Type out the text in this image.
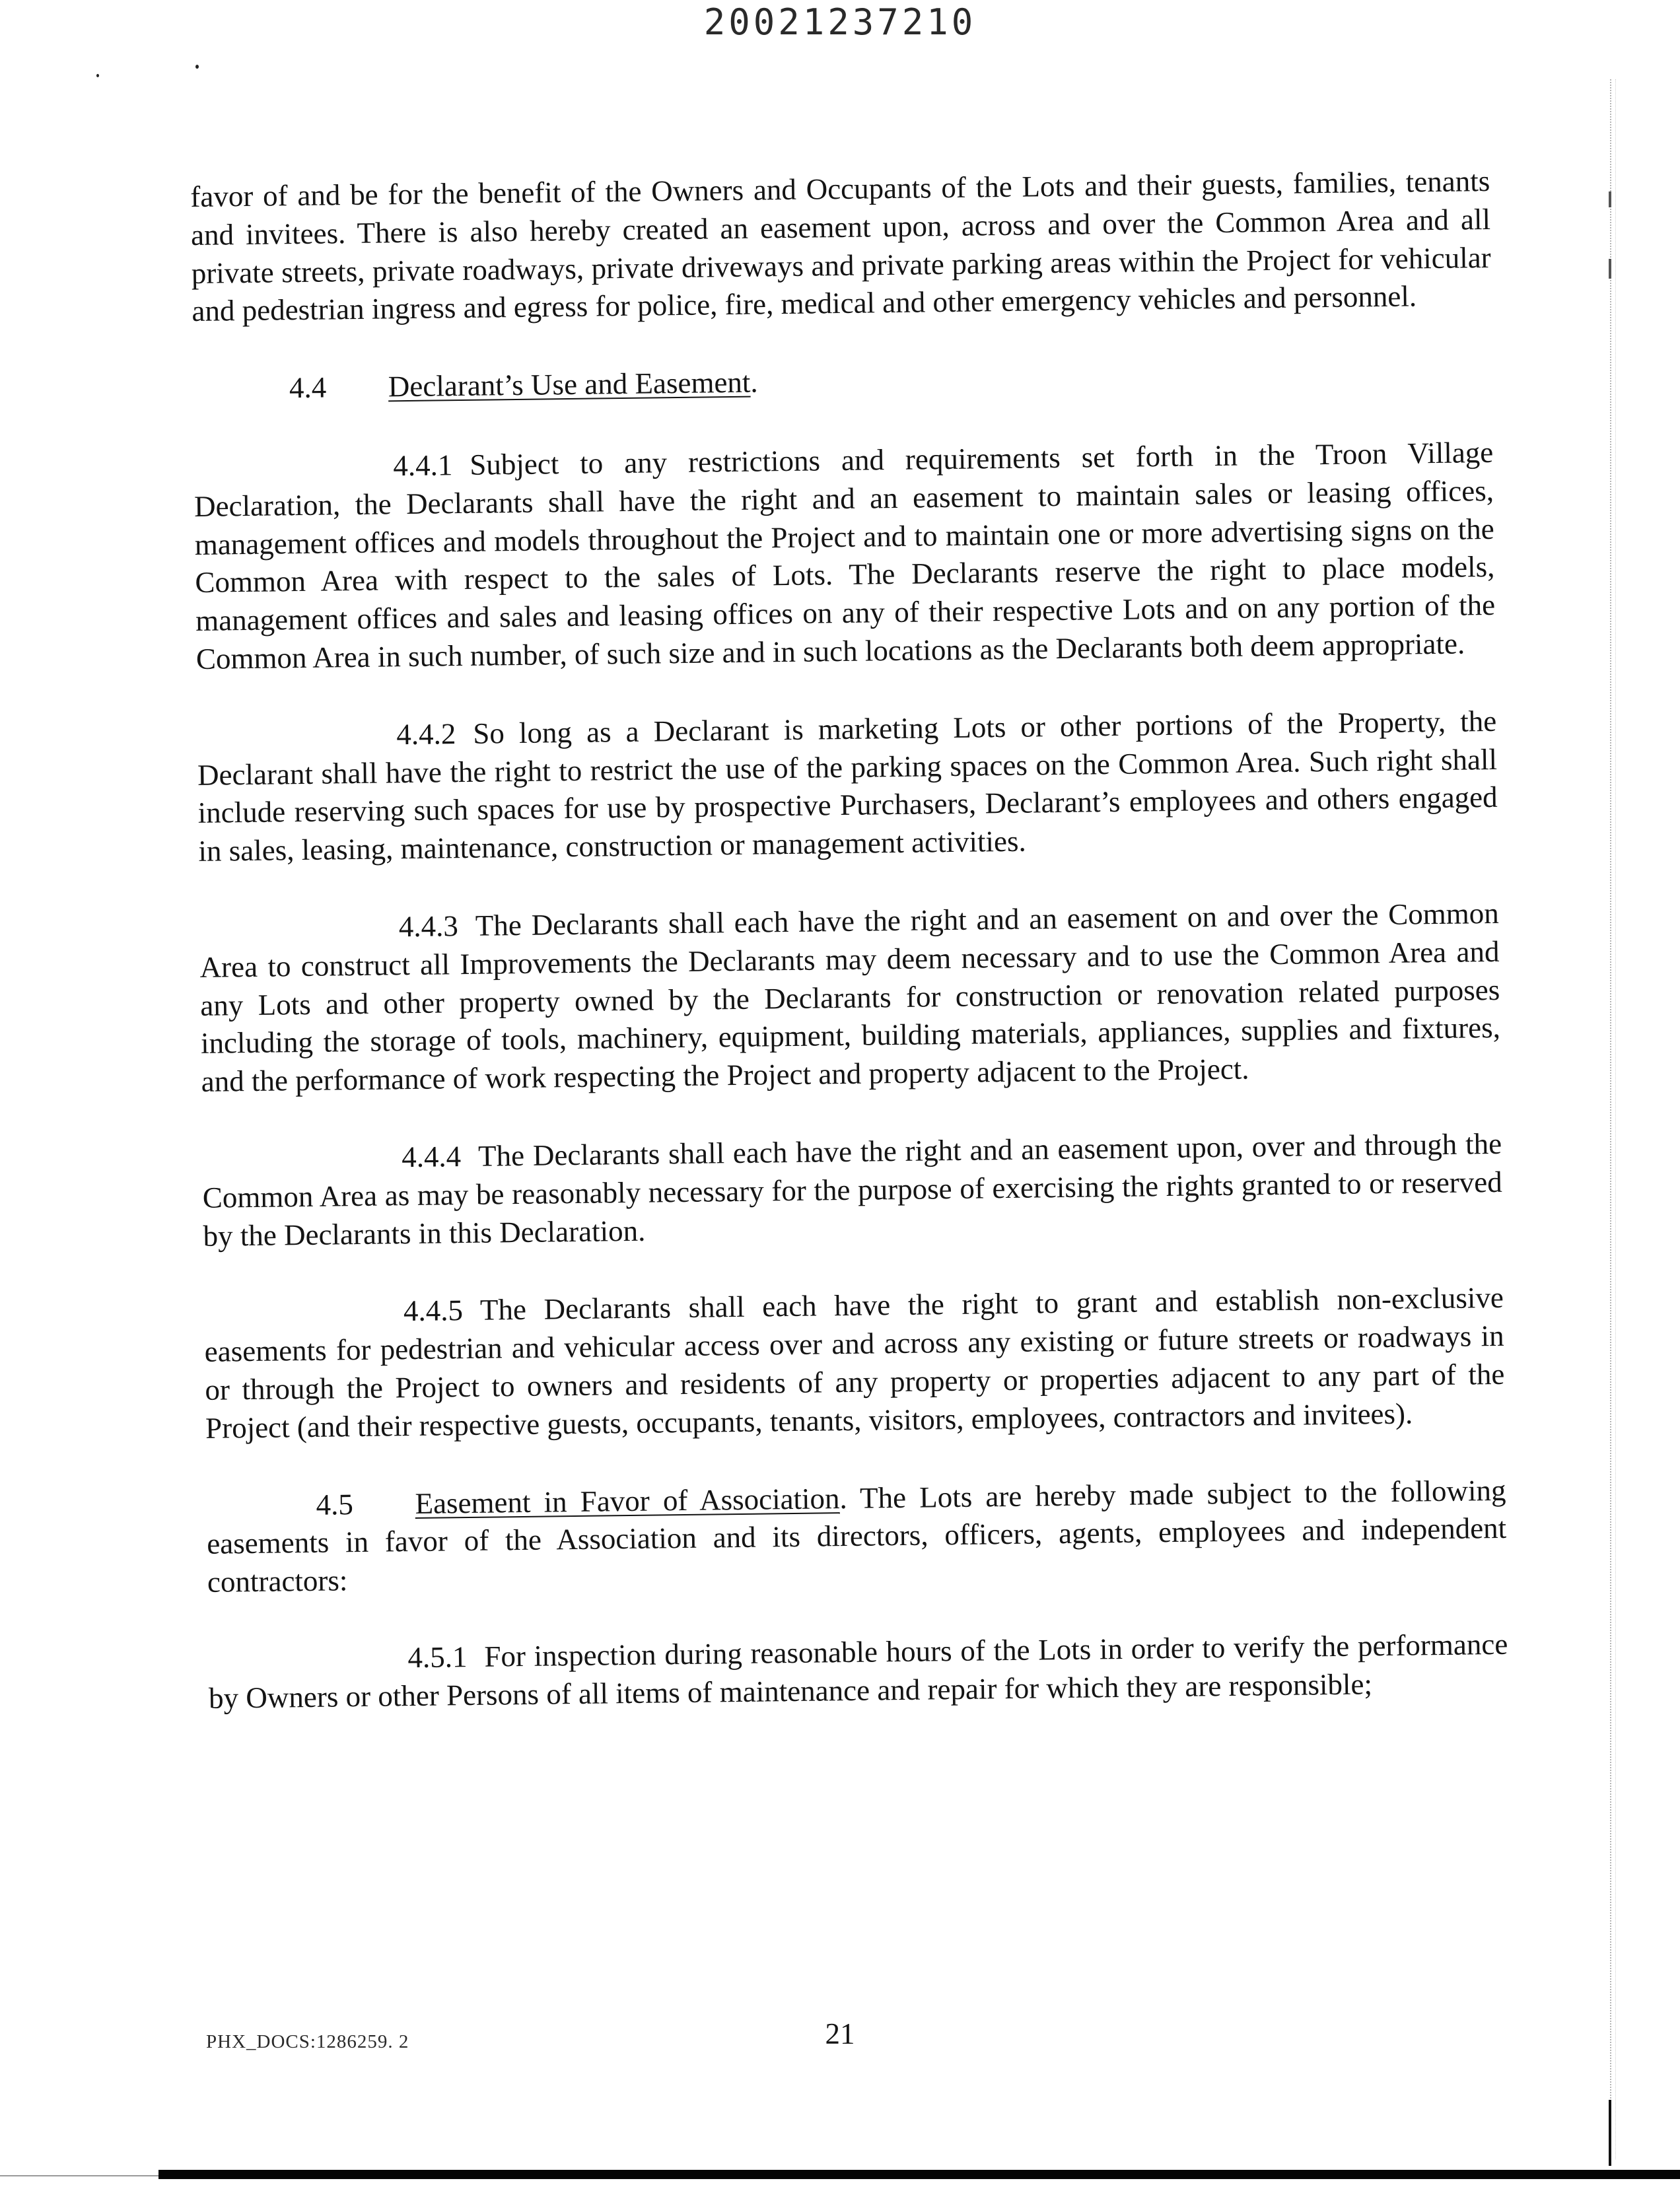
20021237210

favor of and be for the benefit of the Owners and Occupants of the Lots and their guests, families, tenants and invitees. There is also hereby created an easement upon, across and over the Common Area and all private streets, private roadways, private driveways and private parking areas within the Project for vehicular and pedestrian ingress and egress for police, fire, medical and other emergency vehicles and personnel.

4.4 Declarant’s Use and Easement.

4.4.1 Subject to any restrictions and requirements set forth in the Troon Village Declaration, the Declarants shall have the right and an easement to maintain sales or leasing offices, management offices and models throughout the Project and to maintain one or more advertising signs on the Common Area with respect to the sales of Lots. The Declarants reserve the right to place models, management offices and sales and leasing offices on any of their respective Lots and on any portion of the Common Area in such number, of such size and in such locations as the Declarants both deem appropriate.

4.4.2 So long as a Declarant is marketing Lots or other portions of the Property, the Declarant shall have the right to restrict the use of the parking spaces on the Common Area. Such right shall include reserving such spaces for use by prospective Purchasers, Declarant’s employees and others engaged in sales, leasing, maintenance, construction or management activities.

4.4.3 The Declarants shall each have the right and an easement on and over the Common Area to construct all Improvements the Declarants may deem necessary and to use the Common Area and any Lots and other property owned by the Declarants for construction or renovation related purposes including the storage of tools, machinery, equipment, building materials, appliances, supplies and fixtures, and the performance of work respecting the Project and property adjacent to the Project.

4.4.4 The Declarants shall each have the right and an easement upon, over and through the Common Area as may be reasonably necessary for the purpose of exercising the rights granted to or reserved by the Declarants in this Declaration.

4.4.5 The Declarants shall each have the right to grant and establish non-exclusive easements for pedestrian and vehicular access over and across any existing or future streets or roadways in or through the Project to owners and residents of any property or properties adjacent to any part of the Project (and their respective guests, occupants, tenants, visitors, employees, contractors and invitees).

4.5 Easement in Favor of Association. The Lots are hereby made subject to the following easements in favor of the Association and its directors, officers, agents, employees and independent contractors:

4.5.1 For inspection during reasonable hours of the Lots in order to verify the performance by Owners or other Persons of all items of maintenance and repair for which they are responsible;

21
PHX_DOCS:1286259. 2
